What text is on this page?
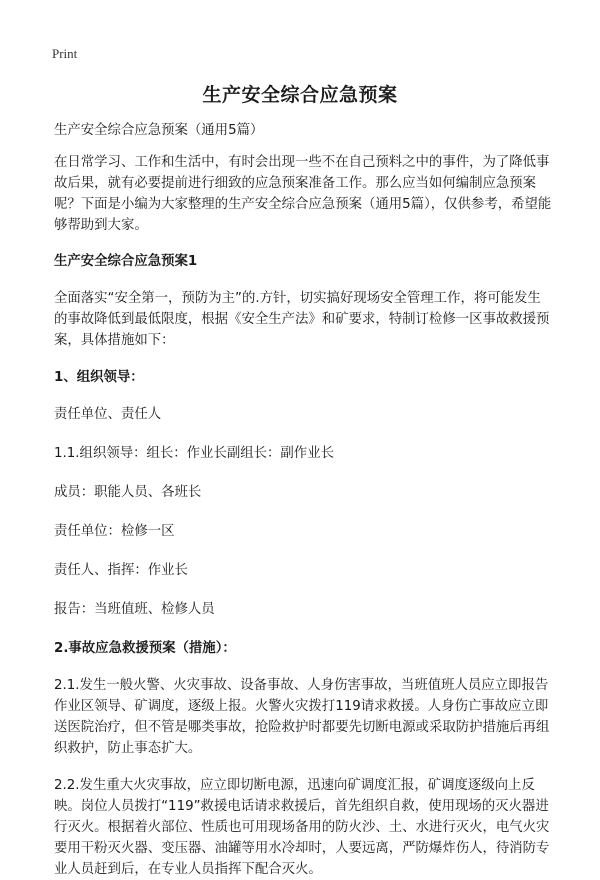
Print
生产安全综合应急预案

生产安全综合应急预案（通用5篇）

在日常学习、工作和生活中，有时会出现一些不在自己预料之中的事件，为了降低事故后果，就有必要提前进行细致的应急预案准备工作。那么应当如何编制应急预案呢？下面是小编为大家整理的生产安全综合应急预案（通用5篇），仅供参考，希望能够帮助到大家。

生产安全综合应急预案1

全面落实“安全第一，预防为主”的.方针，切实搞好现场安全管理工作，将可能发生的事故降低到最低限度，根据《安全生产法》和矿要求，特制订检修一区事故救援预案，具体措施如下：

1、组织领导：

责任单位、责任人

1.1.组织领导：组长：作业长副组长：副作业长

成员：职能人员、各班长

责任单位：检修一区

责任人、指挥：作业长

报告：当班值班、检修人员

2.事故应急救援预案（措施）：

2.1.发生一般火警、火灾事故、设备事故、人身伤害事故，当班值班人员应立即报告作业区领导、矿调度，逐级上报。火警火灾拨打119请求救援。人身伤亡事故应立即送医院治疗，但不管是哪类事故，抢险救护时都要先切断电源或采取防护措施后再组织救护，防止事态扩大。

2.2.发生重大火灾事故，应立即切断电源，迅速向矿调度汇报，矿调度逐级向上反映。岗位人员拨打“119”救援电话请求救援后，首先组织自救，使用现场的灭火器进行灭火。根据着火部位、性质也可用现场备用的防火沙、土、水进行灭火，电气火灾要用干粉灭火器、变压器、油罐等用水冷却时，人要远离，严防爆炸伤人，待消防专业人员赶到后，在专业人员指挥下配合灭火。
